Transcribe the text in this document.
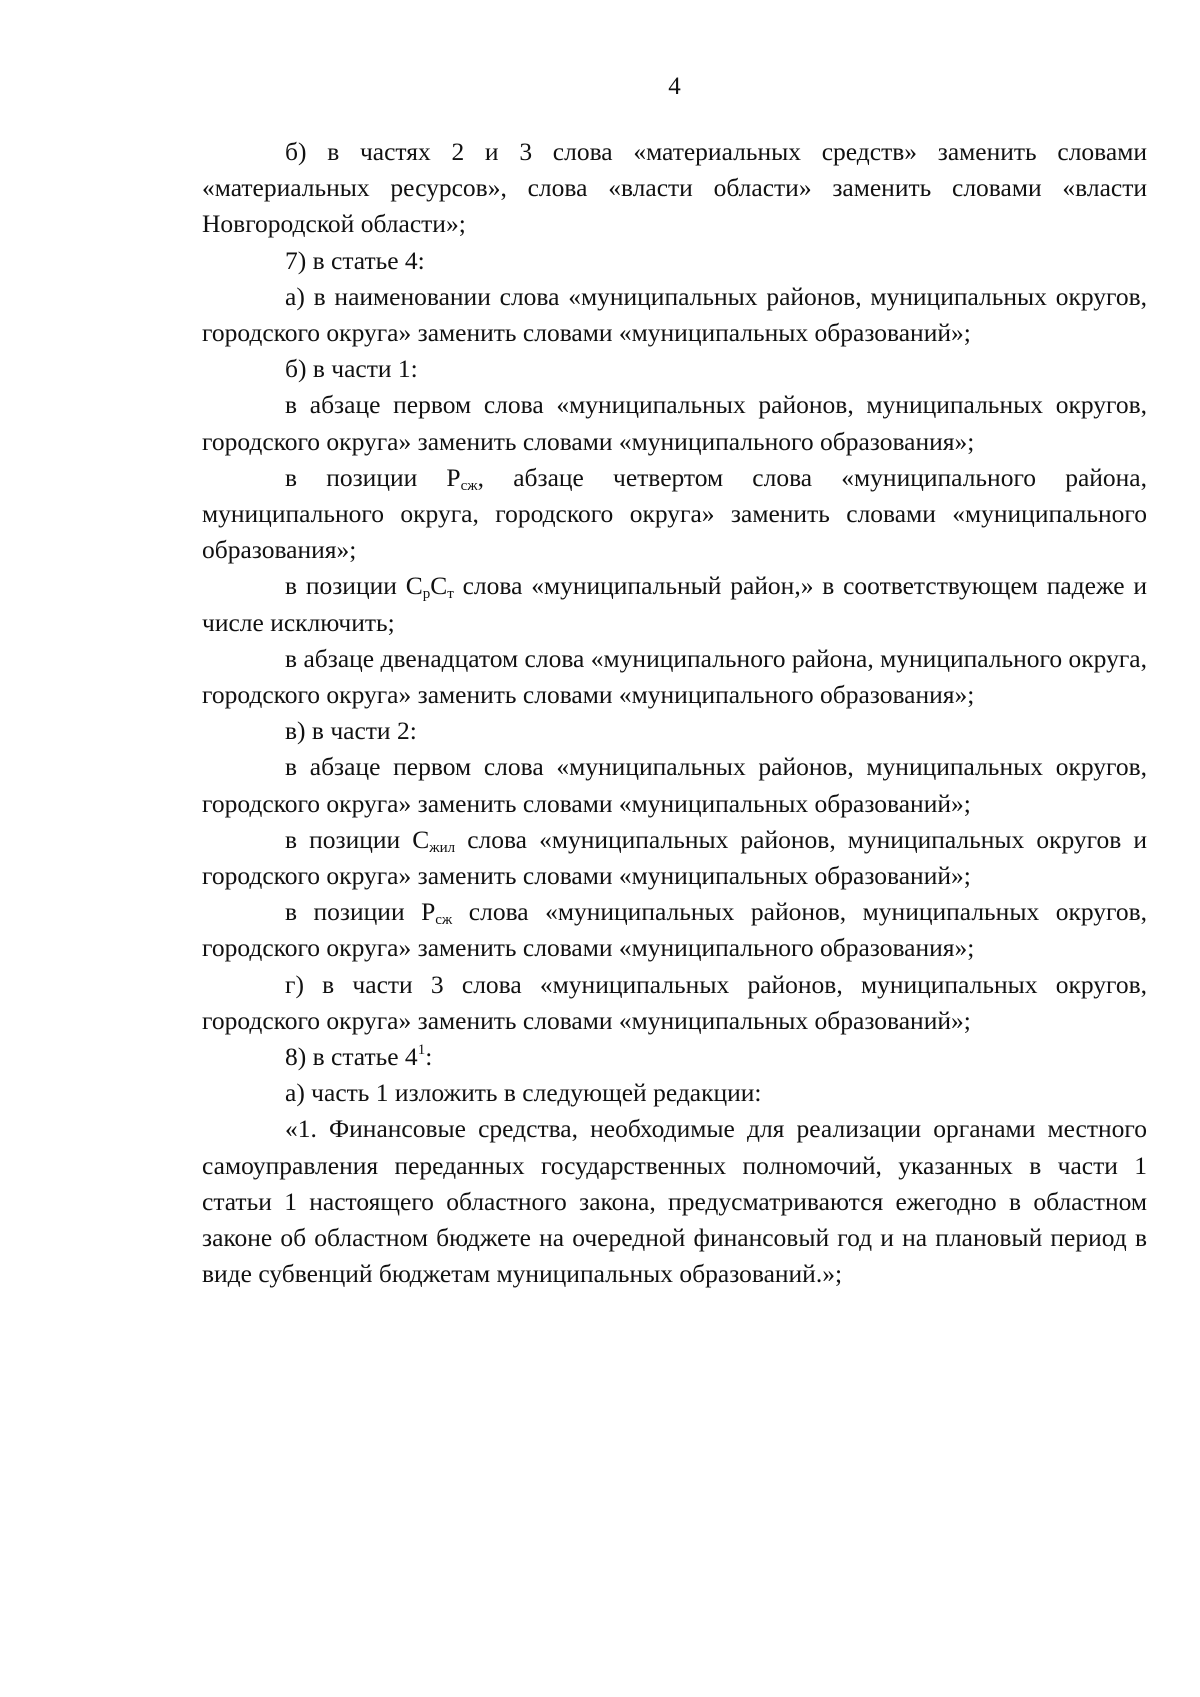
4

б) в частях 2 и 3 слова «материальных средств» заменить словами «материальных ресурсов», слова «власти области» заменить словами «власти Новгородской области»;

7) в статье 4:

а) в наименовании слова «муниципальных районов, муниципальных округов, городского округа» заменить словами «муниципальных образований»;

б) в части 1:

в абзаце первом слова «муниципальных районов, муниципальных округов, городского округа» заменить словами «муниципального образования»;

в позиции $Р_{сж}$, абзаце четвертом слова «муниципального района, муниципального округа, городского округа» заменить словами «муниципального образования»;

в позиции $С_рС_т$ слова «муниципальный район,» в соответствующем падеже и числе исключить;

в абзаце двенадцатом слова «муниципального района, муниципального округа, городского округа» заменить словами «муниципального образования»;

в) в части 2:

в абзаце первом слова «муниципальных районов, муниципальных округов, городского округа» заменить словами «муниципальных образований»;

в позиции $С_{жил}$ слова «муниципальных районов, муниципальных округов и городского округа» заменить словами «муниципальных образований»;

в позиции $Р_{сж}$ слова «муниципальных районов, муниципальных округов, городского округа» заменить словами «муниципального образования»;

г) в части 3 слова «муниципальных районов, муниципальных округов, городского округа» заменить словами «муниципальных образований»;

8) в статье $4^1$:

а) часть 1 изложить в следующей редакции:

«1. Финансовые средства, необходимые для реализации органами местного самоуправления переданных государственных полномочий, указанных в части 1 статьи 1 настоящего областного закона, предусматриваются ежегодно в областном законе об областном бюджете на очередной финансовый год и на плановый период в виде субвенций бюджетам муниципальных образований.»;
